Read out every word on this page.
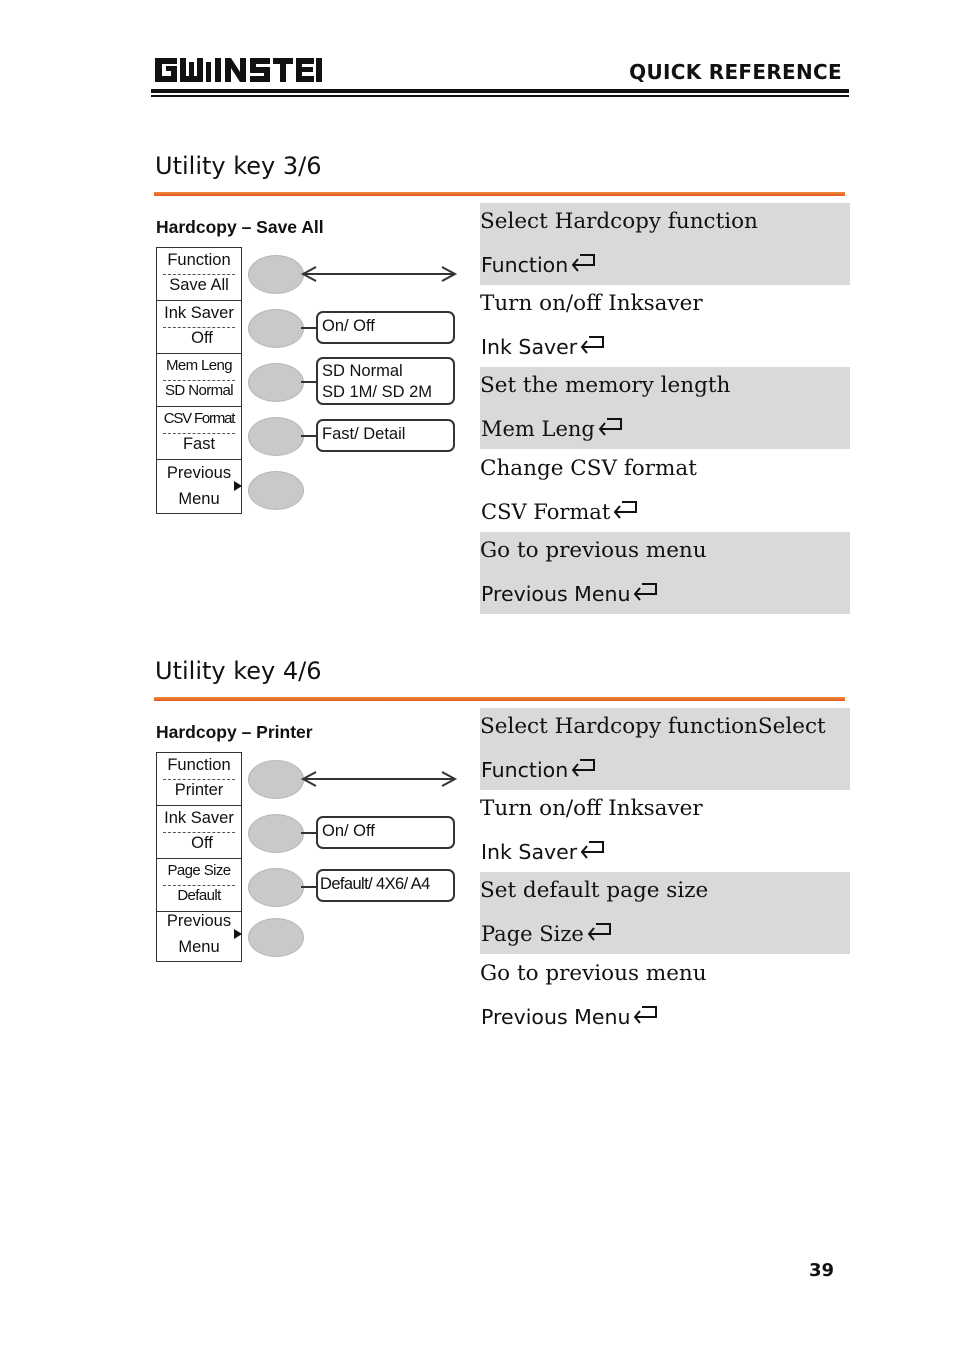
GW INSTEK
QUICK REFERENCE
Utility key 3/6
Hardcopy – Save All
Function
Save All
Ink Saver
Off
Mem Leng
SD Normal
CSV Format
Fast
Previous
Menu
On/ Off
SD Normal
SD 1M/ SD 2M
Fast/ Detail
Select Hardcopy function
Function
Turn on/off Inksaver
Ink Saver
Set the memory length
Mem Leng
Change CSV format
CSV Format
Go to previous menu
Previous Menu
Utility key 4/6
Hardcopy – Printer
Function
Printer
Ink Saver
Off
Page Size
Default
Previous
Menu
On/ Off
Default/ 4X6/ A4
Select Hardcopy functionSelect
Function
Turn on/off Inksaver
Ink Saver
Set default page size
Page Size
Go to previous menu
Previous Menu
39
